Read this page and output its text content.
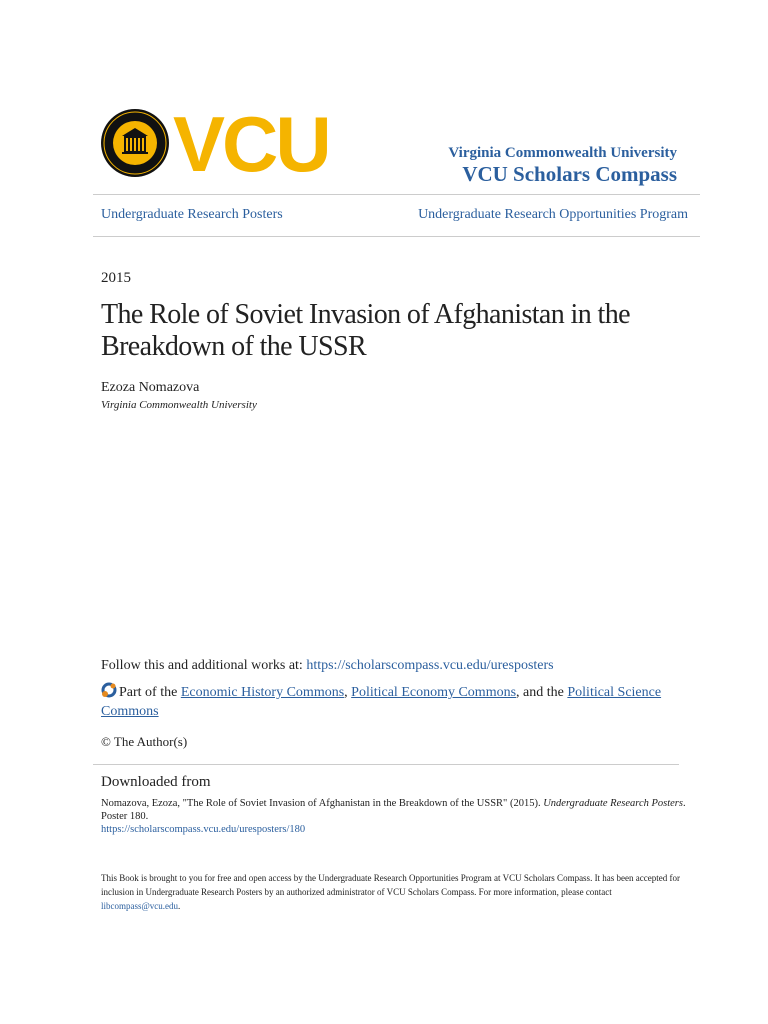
VCU	Virginia Commonwealth University
VCU Scholars Compass
Undergraduate Research Posters	Undergraduate Research Opportunities Program
2015
The Role of Soviet Invasion of Afghanistan in the Breakdown of the USSR
Ezoza Nomazova
Virginia Commonwealth University
Follow this and additional works at: https://scholarscompass.vcu.edu/uresposters
Part of the Economic History Commons, Political Economy Commons, and the Political Science Commons
© The Author(s)
Downloaded from
Nomazova, Ezoza, "The Role of Soviet Invasion of Afghanistan in the Breakdown of the USSR" (2015). Undergraduate Research Posters. Poster 180.
https://scholarscompass.vcu.edu/uresposters/180
This Book is brought to you for free and open access by the Undergraduate Research Opportunities Program at VCU Scholars Compass. It has been accepted for inclusion in Undergraduate Research Posters by an authorized administrator of VCU Scholars Compass. For more information, please contact libcompass@vcu.edu.
